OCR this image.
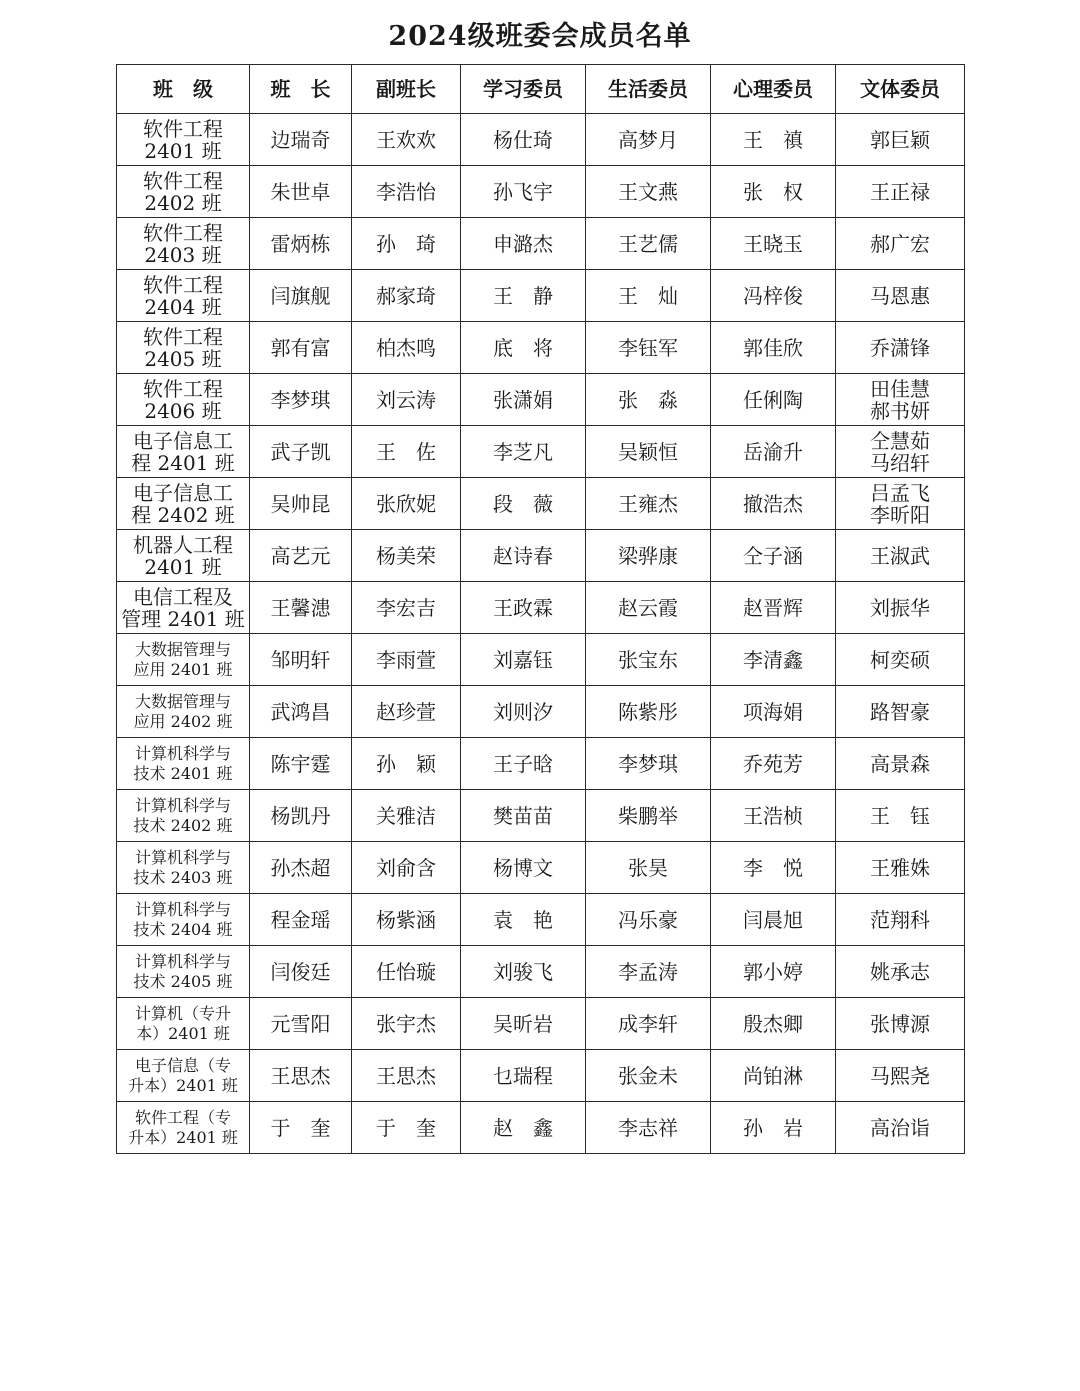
2024级班委会成员名单
班　级	班　长	副班长	学习委员	生活委员	心理委员	文体委员

软件工程
2401 班	边瑞奇	王欢欢	杨仕琦	高梦月	王　禛	郭巨颖

软件工程
2402 班	朱世卓	李浩怡	孙飞宇	王文燕	张　权	王正禄

软件工程
2403 班	雷炳栋	孙　琦	申潞杰	王艺儒	王晓玉	郝广宏

软件工程
2404 班	闫旗舰	郝家琦	王　静	王　灿	冯梓俊	马恩惠

软件工程
2405 班	郭有富	柏杰鸣	底　将	李钰军	郭佳欣	乔潇锋

软件工程
2406 班	李梦琪	刘云涛	张潇娟	张　淼	任俐陶	田佳慧
郝书妍

电子信息工
程 2401 班	武子凯	王　佐	李芝凡	吴颖恒	岳渝升	仝慧茹
马绍轩

电子信息工
程 2402 班	吴帅昆	张欣妮	段　薇	王雍杰	撤浩杰	吕孟飞
李昕阳

机器人工程
2401 班	高艺元	杨美荣	赵诗春	梁骅康	仝子涵	王淑武

电信工程及
管理 2401 班	王馨漶	李宏吉	王政霖	赵云霞	赵晋辉	刘振华

大数据管理与
应用 2401 班	邹明轩	李雨萱	刘嘉钰	张宝东	李清鑫	柯奕硕

大数据管理与
应用 2402 班	武鸿昌	赵珍萱	刘则汐	陈紫彤	项海娟	路智豪

计算机科学与
技术 2401 班	陈宇霆	孙　颖	王子晗	李梦琪	乔苑芳	高景森

计算机科学与
技术 2402 班	杨凯丹	关雅洁	樊苗苗	柴鹏举	王浩桢	王　钰

计算机科学与
技术 2403 班	孙杰超	刘俞含	杨博文	张昊	李　悦	王雅姝

计算机科学与
技术 2404 班	程金瑶	杨紫涵	袁　艳	冯乐豪	闫晨旭	范翔科

计算机科学与
技术 2405 班	闫俊廷	任怡璇	刘骏飞	李孟涛	郭小婷	姚承志

计算机（专升
本）2401 班	元雪阳	张宇杰	吴昕岩	成李轩	殷杰卿	张博源

电子信息（专
升本）2401 班	王思杰	王思杰	乜瑞程	张金未	尚铂淋	马熙尧

软件工程（专
升本）2401 班	于　奎	于　奎	赵　鑫	李志祥	孙　岩	高治诣
